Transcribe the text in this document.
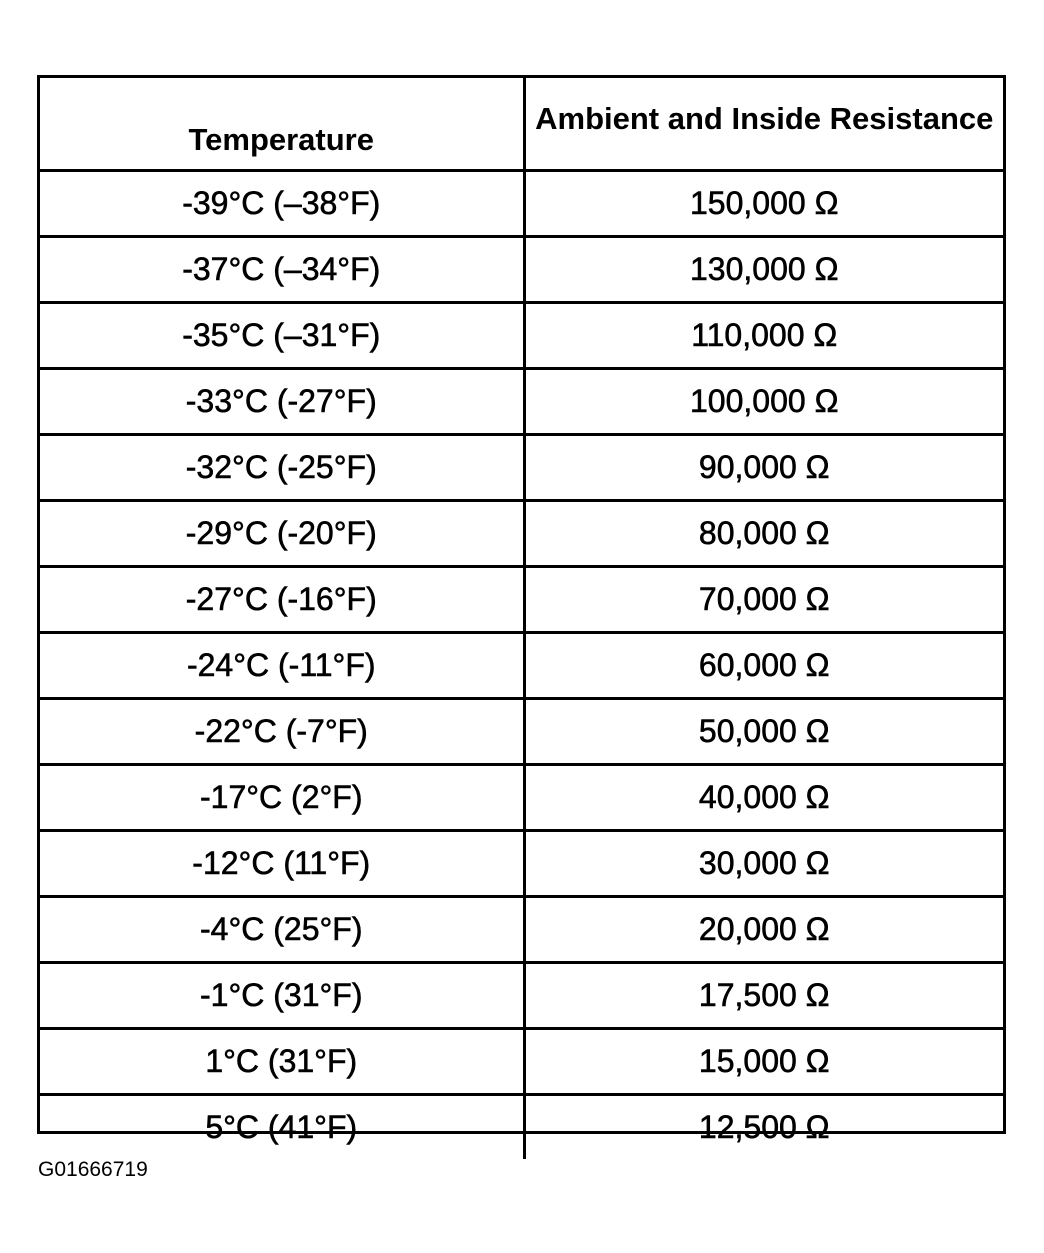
Temperature	Ambient and Inside Resistance
-39°C (–38°F)	150,000 Ω
-37°C (–34°F)	130,000 Ω
-35°C (–31°F)	110,000 Ω
-33°C (-27°F)	100,000 Ω
-32°C (-25°F)	90,000 Ω
-29°C (-20°F)	80,000 Ω
-27°C (-16°F)	70,000 Ω
-24°C (-11°F)	60,000 Ω
-22°C (-7°F)	50,000 Ω
-17°C (2°F)	40,000 Ω
-12°C (11°F)	30,000 Ω
-4°C (25°F)	20,000 Ω
-1°C (31°F)	17,500 Ω
1°C (31°F)	15,000 Ω
5°C (41°F)	12,500 Ω
G01666719
